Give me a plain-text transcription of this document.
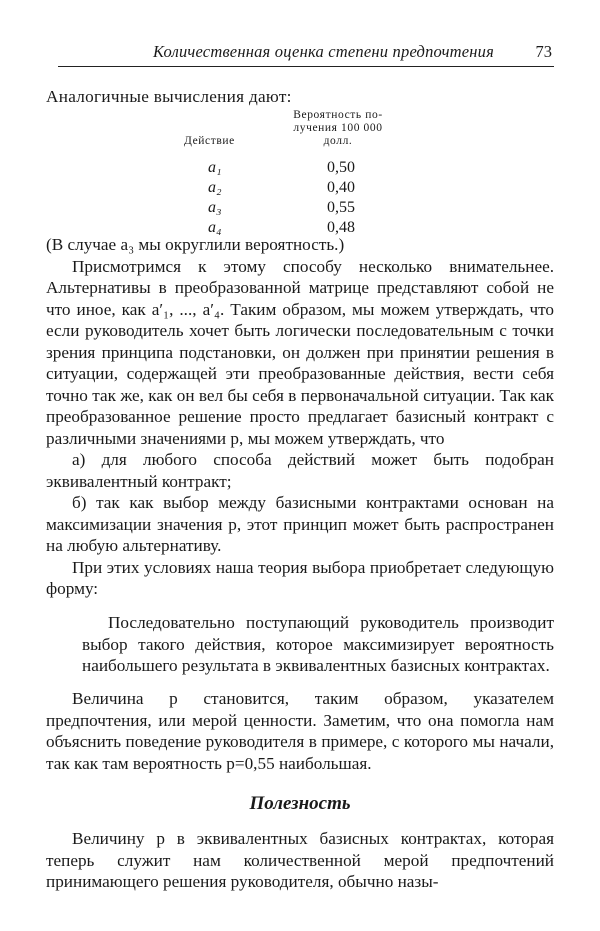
Количественная оценка степени предпочтения	73
Аналогичные вычисления дают:
Действие	Вероятность по-
лучения 100 000
долл.
a₁	0,50
a₂	0,40
a₃	0,55
a₄	0,48

(В случае a₃ мы округлили вероятность.)

Присмотримся к этому способу несколько внимательнее. Альтернативы в преобразованной матрице представляют собой не что иное, как a′₁, ..., a′₄. Таким образом, мы можем утверждать, что если руководитель хочет быть логически последовательным с точки зрения принципа подстановки, он должен при принятии решения в ситуации, содержащей эти преобразованные действия, вести себя точно так же, как он вел бы себя в первоначальной ситуации. Так как преобразованное решение просто предлагает базисный контракт с различными значениями p, мы можем утверждать, что

а) для любого способа действий может быть подобран эквивалентный контракт;

б) так как выбор между базисными контрактами основан на максимизации значения p, этот принцип может быть распространен на любую альтернативу.

При этих условиях наша теория выбора приобретает следующую форму:

Последовательно поступающий руководитель производит выбор такого действия, которое максимизирует вероятность наибольшего результата в эквивалентных базисных контрактах.

Величина p становится, таким образом, указателем предпочтения, или мерой ценности. Заметим, что она помогла нам объяснить поведение руководителя в примере, с которого мы начали, так как там вероятность p=0,55 наибольшая.

Полезность

Величину p в эквивалентных базисных контрактах, которая теперь служит нам количественной мерой предпочтений принимающего решения руководителя, обычно назы-
